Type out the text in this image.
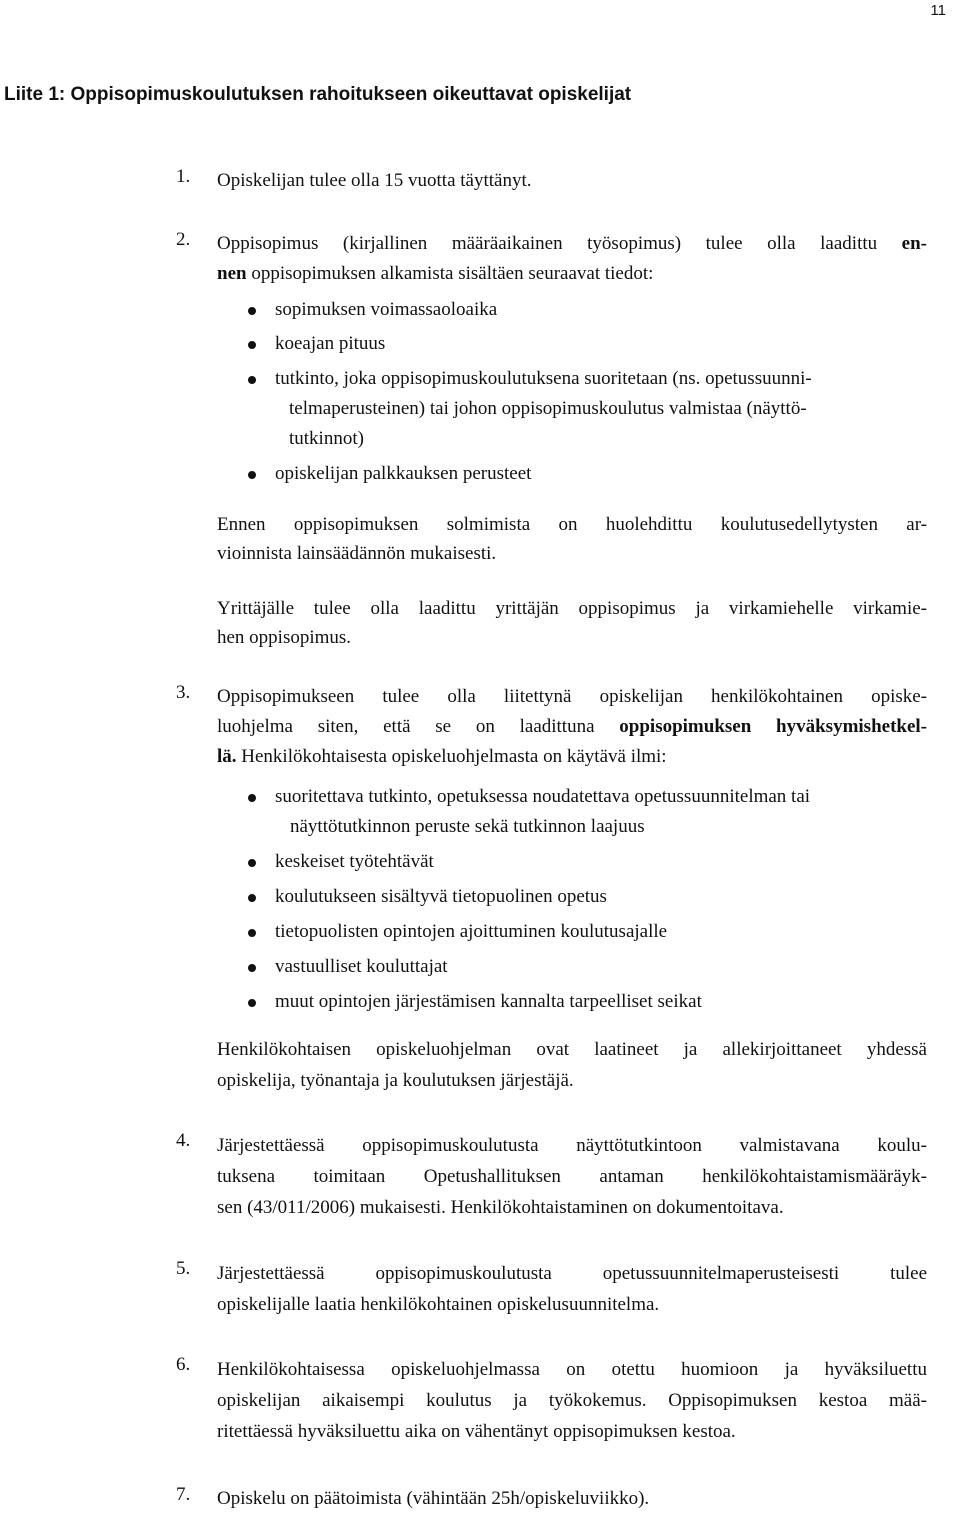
11
Liite 1: Oppisopimuskoulutuksen rahoitukseen oikeuttavat opiskelijat
1. Opiskelijan tulee olla 15 vuotta täyttänyt.
2. Oppisopimus (kirjallinen määräaikainen työsopimus) tulee olla laadittu en-
nen oppisopimuksen alkamista sisältäen seuraavat tiedot:
sopimuksen voimassaoloaika
koeajan pituus
tutkinto, joka oppisopimuskoulutuksena suoritetaan (ns. opetussuunni-
telmaperusteinen) tai johon oppisopimuskoulutus valmistaa (näyttö-
tutkinnot)
opiskelijan palkkauksen perusteet
Ennen oppisopimuksen solmimista on huolehdittu koulutusedellytysten ar-
vioinnista lainsäädännön mukaisesti.
Yrittäjälle tulee olla laadittu yrittäjän oppisopimus ja virkamiehelle virkamie-
hen oppisopimus.
3. Oppisopimukseen tulee olla liitettynä opiskelijan henkilökohtainen opiske-
luohjelma siten, että se on laadittuna oppisopimuksen hyväksymishetkel-
lä. Henkilökohtaisesta opiskeluohjelmasta on käytävä ilmi:
suoritettava tutkinto, opetuksessa noudatettava opetussuunnitelman tai
näyttötutkinnon peruste sekä tutkinnon laajuus
keskeiset työtehtävät
koulutukseen sisältyvä tietopuolinen opetus
tietopuolisten opintojen ajoittuminen koulutusajalle
vastuulliset kouluttajat
muut opintojen järjestämisen kannalta tarpeelliset seikat
Henkilökohtaisen opiskeluohjelman ovat laatineet ja allekirjoittaneet yhdessä
opiskelija, työnantaja ja koulutuksen järjestäjä.
4. Järjestettäessä oppisopimuskoulutusta näyttötutkintoon valmistavana koulu-
tuksena toimitaan Opetushallituksen antaman henkilökohtaistamismääräyk-
sen (43/011/2006) mukaisesti. Henkilökohtaistaminen on dokumentoitava.
5. Järjestettäessä oppisopimuskoulutusta opetussuunnitelmaperusteisesti tulee
opiskelijalle laatia henkilökohtainen opiskelusuunnitelma.
6. Henkilökohtaisessa opiskeluohjelmassa on otettu huomioon ja hyväksiluettu
opiskelijan aikaisempi koulutus ja työkokemus. Oppisopimuksen kestoa mää-
ritettäessä hyväksiluettu aika on vähentänyt oppisopimuksen kestoa.
7. Opiskelu on päätoimista (vähintään 25h/opiskeluviikko).
